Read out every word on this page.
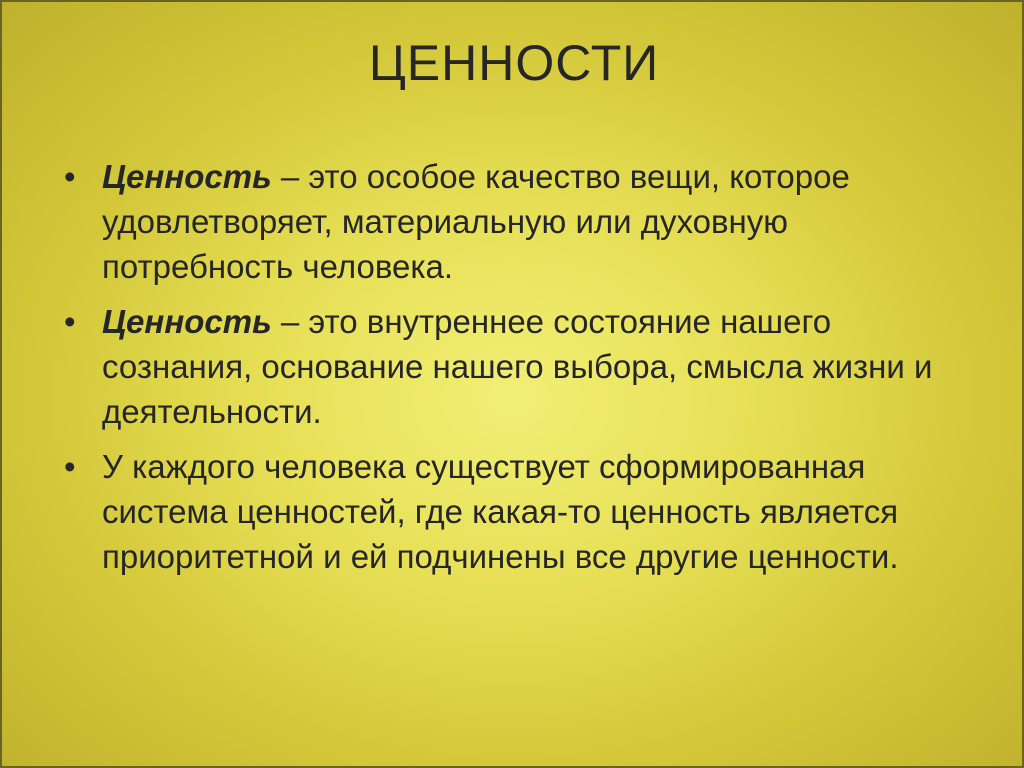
ЦЕННОСТИ
• Ценность – это особое качество вещи, которое удовлетворяет, материальную или духовную потребность человека.
• Ценность – это внутреннее состояние нашего сознания, основание нашего выбора, смысла жизни и деятельности.
• У каждого человека существует сформированная система ценностей, где какая-то ценность является приоритетной и ей подчинены все другие ценности.
